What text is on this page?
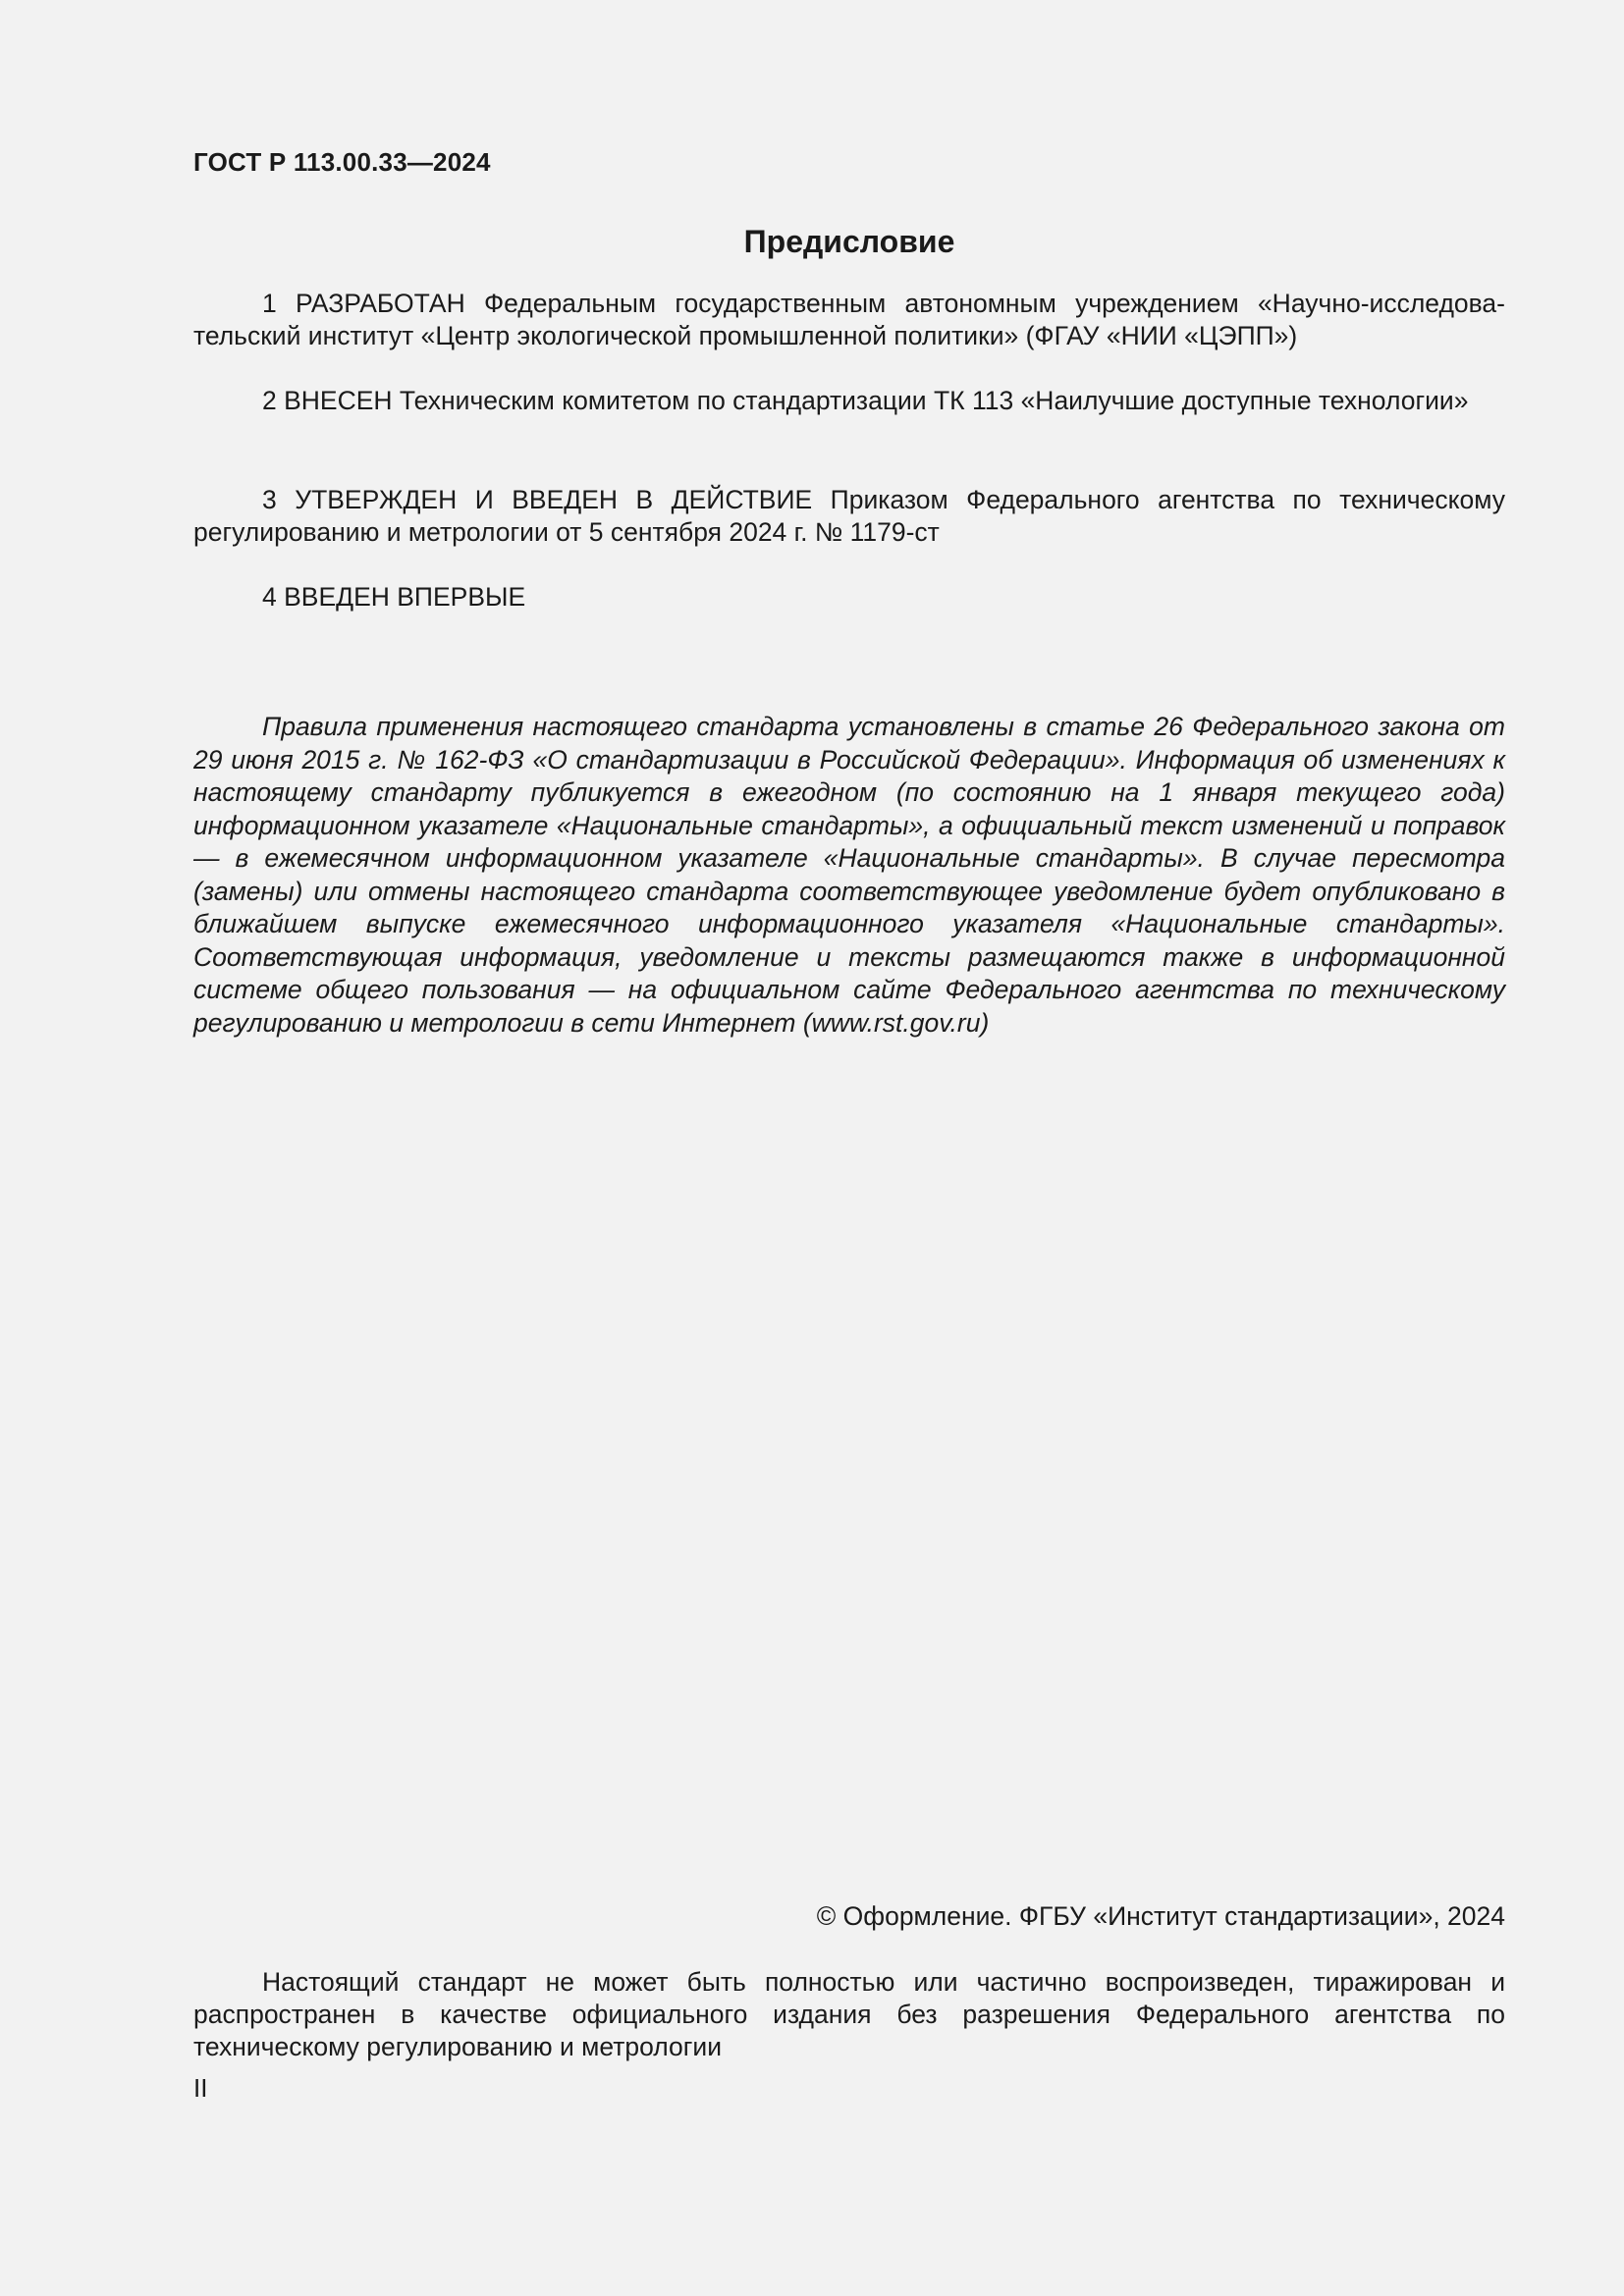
ГОСТ Р 113.00.33—2024
Предисловие

1 РАЗРАБОТАН Федеральным государственным автономным учреждением «Научно-исследовательский институт «Центр экологической промышленной политики» (ФГАУ «НИИ «ЦЭПП»)

2 ВНЕСЕН Техническим комитетом по стандартизации ТК 113 «Наилучшие доступные технологии»

3 УТВЕРЖДЕН И ВВЕДЕН В ДЕЙСТВИЕ Приказом Федерального агентства по техническому регулированию и метрологии от 5 сентября 2024 г. № 1179-ст

4 ВВЕДЕН ВПЕРВЫЕ

Правила применения настоящего стандарта установлены в статье 26 Федерального закона от 29 июня 2015 г. № 162-ФЗ «О стандартизации в Российской Федерации». Информация об изменениях к настоящему стандарту публикуется в ежегодном (по состоянию на 1 января текущего года) информационном указателе «Национальные стандарты», а официальный текст изменений и поправок — в ежемесячном информационном указателе «Национальные стандарты». В случае пересмотра (замены) или отмены настоящего стандарта соответствующее уведомление будет опубликовано в ближайшем выпуске ежемесячного информационного указателя «Национальные стандарты». Соответствующая информация, уведомление и тексты размещаются также в информационной системе общего пользования — на официальном сайте Федерального агентства по техническому регулированию и метрологии в сети Интернет (www.rst.gov.ru)

© Оформление. ФГБУ «Институт стандартизации», 2024

Настоящий стандарт не может быть полностью или частично воспроизведен, тиражирован и распространен в качестве официального издания без разрешения Федерального агентства по техническому регулированию и метрологии

II
